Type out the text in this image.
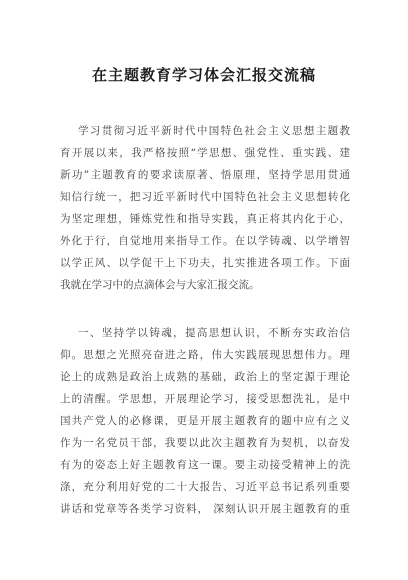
在主题教育学习体会汇报交流稿
学习贯彻习近平新时代中国特色社会主义思想主题教
育开展以来，我严格按照“学思想、强党性、重实践、建
新功”主题教育的要求读原著、悟原理，坚持学思用贯通
知信行统一，把习近平新时代中国特色社会主义思想转化
为坚定理想，锤炼党性和指导实践，真正将其内化于心，
外化于行，自觉地用来指导工作。在以学铸魂、以学增智
以学正风、以学促干上下功夫，扎实推进各项工作。下面
我就在学习中的点滴体会与大家汇报交流。
一、坚持学以铸魂，提高思想认识，不断夯实政治信
仰。思想之光照亮奋进之路，伟大实践展现思想伟力。理
论上的成熟是政治上成熟的基础，政治上的坚定源于理论
上的清醒。学思想，开展理论学习，接受思想洗礼，是中
国共产党人的必修课，更是开展主题教育的题中应有之义
作为一名党员干部，我要以此次主题教育为契机，以奋发
有为的姿态上好主题教育这一课。要主动接受精神上的洗
涤，充分利用好党的二十大报告、习近平总书记系列重要
讲话和党章等各类学习资料， 深刻认识开展主题教育的重
